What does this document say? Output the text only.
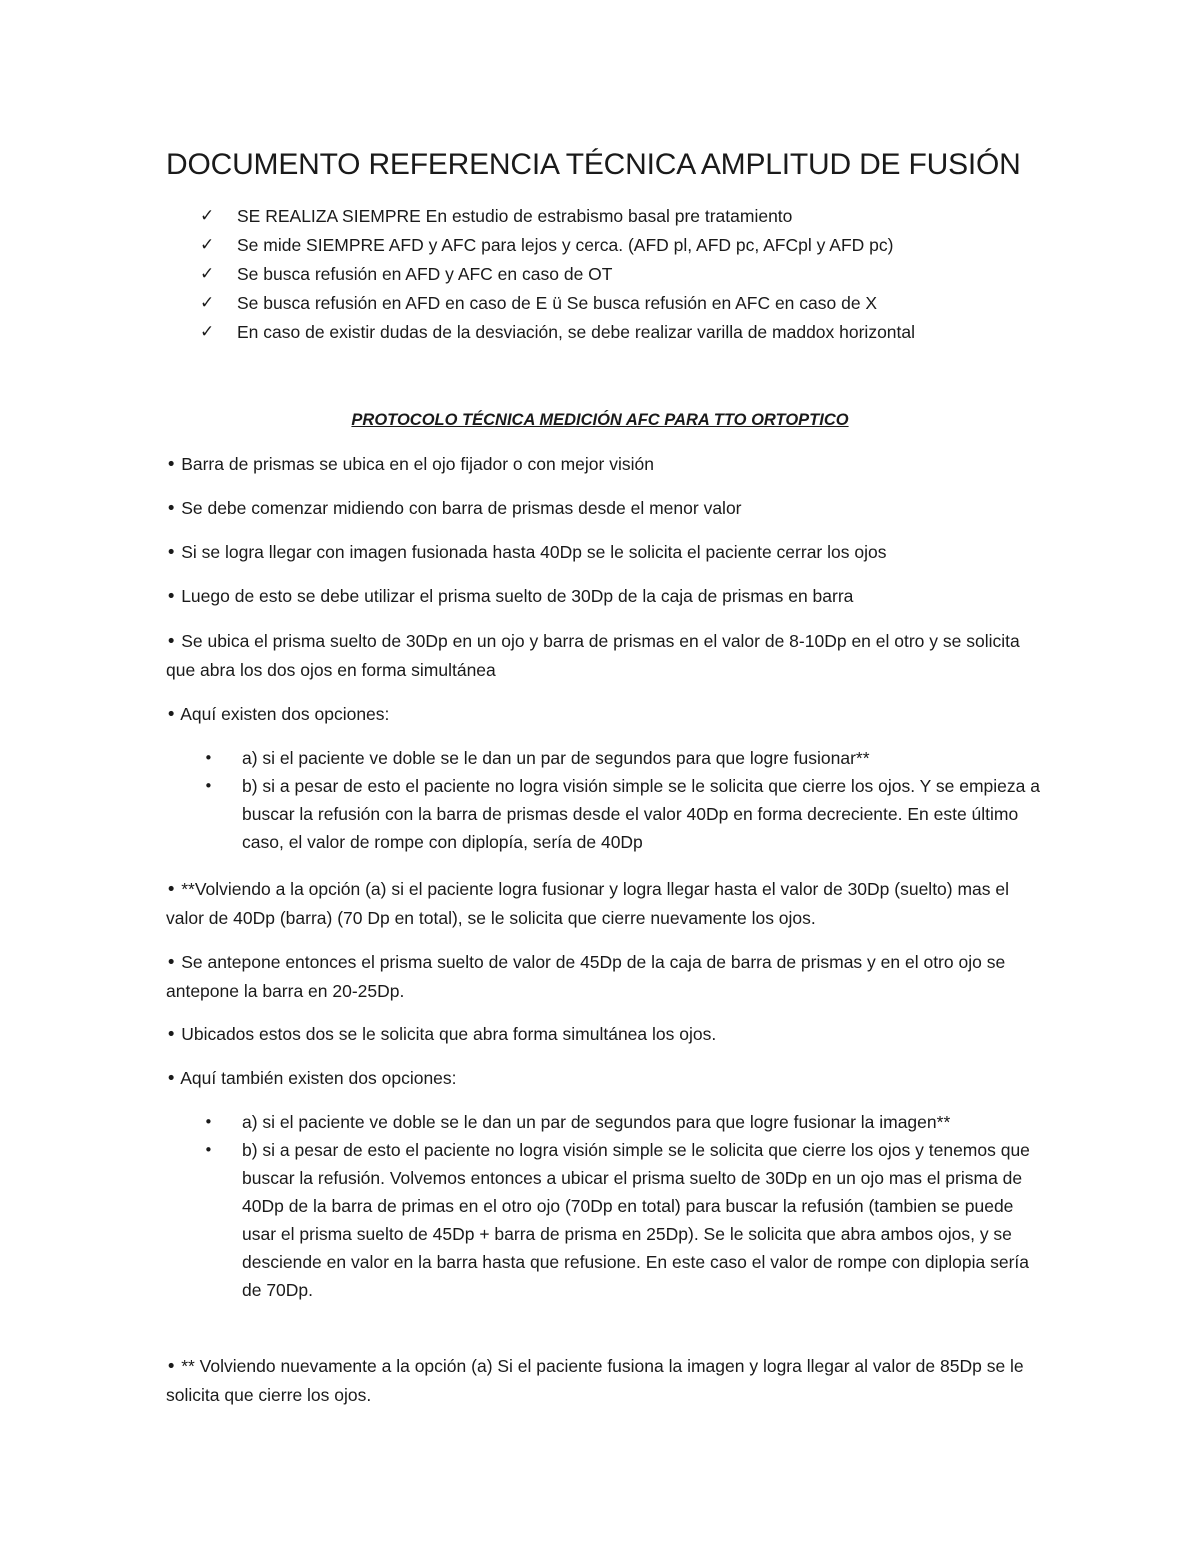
DOCUMENTO REFERENCIA TÉCNICA AMPLITUD DE FUSIÓN
✓ SE REALIZA SIEMPRE En estudio de estrabismo basal pre tratamiento
✓ Se mide SIEMPRE AFD y AFC para lejos y cerca. (AFD pl, AFD pc, AFCpl y AFD pc)
✓ Se busca refusión en AFD y AFC en caso de OT
✓ Se busca refusión en AFD en caso de E ü Se busca refusión en AFC en caso de X
✓ En caso de existir dudas de la desviación, se debe realizar varilla de maddox horizontal
PROTOCOLO TÉCNICA MEDICIÓN AFC PARA TTO ORTOPTICO

• Barra de prismas se ubica en el ojo fijador o con mejor visión

• Se debe comenzar midiendo con barra de prismas desde el menor valor

• Si se logra llegar con imagen fusionada hasta 40Dp se le solicita el paciente cerrar los ojos

• Luego de esto se debe utilizar el prisma suelto de 30Dp de la caja de prismas en barra

• Se ubica el prisma suelto de 30Dp en un ojo y barra de prismas en el valor de 8-10Dp en el otro y se solicita que abra los dos ojos en forma simultánea

• Aquí existen dos opciones:

• a) si el paciente ve doble se le dan un par de segundos para que logre fusionar**
• b) si a pesar de esto el paciente no logra visión simple se le solicita que cierre los ojos. Y se empieza a buscar la refusión con la barra de prismas desde el valor 40Dp en forma decreciente. En este último caso, el valor de rompe con diplopía, sería de 40Dp

• **Volviendo a la opción (a) si el paciente logra fusionar y logra llegar hasta el valor de 30Dp (suelto) mas el valor de 40Dp (barra) (70 Dp en total), se le solicita que cierre nuevamente los ojos.

• Se antepone entonces el prisma suelto de valor de 45Dp de la caja de barra de prismas y en el otro ojo se antepone la barra en 20-25Dp.

• Ubicados estos dos se le solicita que abra forma simultánea los ojos.

• Aquí también existen dos opciones:

• a) si el paciente ve doble se le dan un par de segundos para que logre fusionar la imagen**
• b) si a pesar de esto el paciente no logra visión simple se le solicita que cierre los ojos y tenemos que buscar la refusión. Volvemos entonces a ubicar el prisma suelto de 30Dp en un ojo mas el prisma de 40Dp de la barra de primas en el otro ojo (70Dp en total) para buscar la refusión (tambien se puede usar el prisma suelto de 45Dp + barra de prisma en 25Dp). Se le solicita que abra ambos ojos, y se desciende en valor en la barra hasta que refusione. En este caso el valor de rompe con diplopia sería de 70Dp.

• ** Volviendo nuevamente a la opción (a) Si el paciente fusiona la imagen y logra llegar al valor de 85Dp se le solicita que cierre los ojos.
